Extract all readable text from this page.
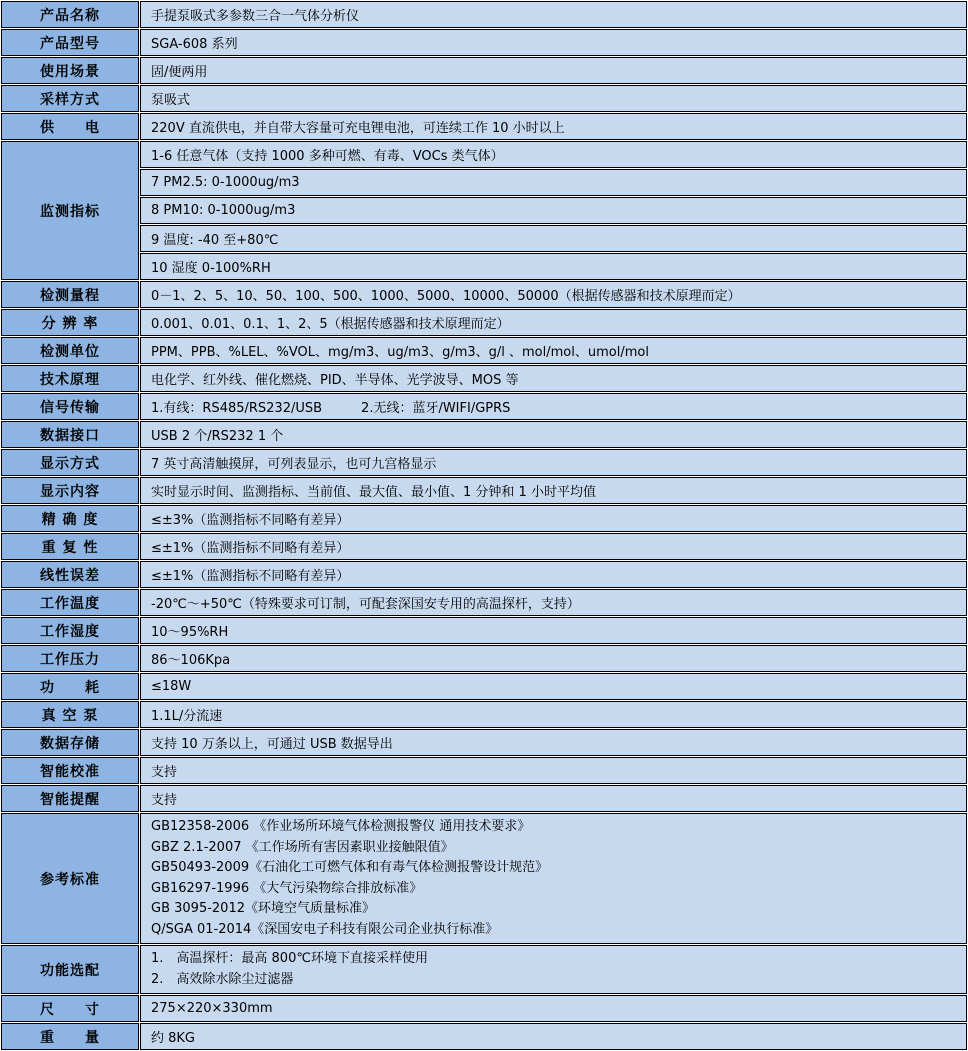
产品名称	手提泵吸式多参数三合一气体分析仪
产品型号	SGA-608 系列
使用场景	固/便两用
采样方式	泵吸式
供　　电	220V 直流供电，并自带大容量可充电锂电池，可连续工作 10 小时以上
监测指标	1-6 任意气体（支持 1000 多种可燃、有毒、VOCs 类气体）
	7 PM2.5: 0-1000ug/m3
	8 PM10: 0-1000ug/m3
	9 温度: -40 至+80℃
	10 湿度 0-100%RH
检测量程	0－1、2、5、10、50、100、500、1000、5000、10000、50000（根据传感器和技术原理而定）
分 辨 率	0.001、0.01、0.1、1、2、5（根据传感器和技术原理而定）
检测单位	PPM、PPB、%LEL、%VOL、mg/m3、ug/m3、g/m3、g/l 、mol/mol、umol/mol
技术原理	电化学、红外线、催化燃烧、PID、半导体、光学波导、MOS 等
信号传输	1.有线：RS485/RS232/USB　　　2.无线：蓝牙/WIFI/GPRS
数据接口	USB 2 个/RS232 1 个
显示方式	7 英寸高清触摸屏，可列表显示，也可九宫格显示
显示内容	实时显示时间、监测指标、当前值、最大值、最小值、1 分钟和 1 小时平均值
精 确 度	≤±3%（监测指标不同略有差异）
重 复 性	≤±1%（监测指标不同略有差异）
线性误差	≤±1%（监测指标不同略有差异）
工作温度	-20℃～+50℃（特殊要求可订制，可配套深国安专用的高温探杆，支持）
工作湿度	10～95%RH
工作压力	86～106Kpa
功　　耗	≤18W
真 空 泵	1.1L/分流速
数据存储	支持 10 万条以上，可通过 USB 数据导出
智能校准	支持
智能提醒	支持
参考标准	
GB12358-2006 《作业场所环境气体检测报警仪 通用技术要求》
GBZ 2.1-2007 《工作场所有害因素职业接触限值》
GB50493-2009《石油化工可燃气体和有毒气体检测报警设计规范》
GB16297-1996 《大气污染物综合排放标准》
GB 3095-2012《环境空气质量标准》
Q/SGA 01-2014《深国安电子科技有限公司企业执行标准》

功能选配	1.　高温探杆：最高 800℃环境下直接采样使用
2.　高效除水除尘过滤器

尺　　寸	275×220×330mm
重　　量	约 8KG
